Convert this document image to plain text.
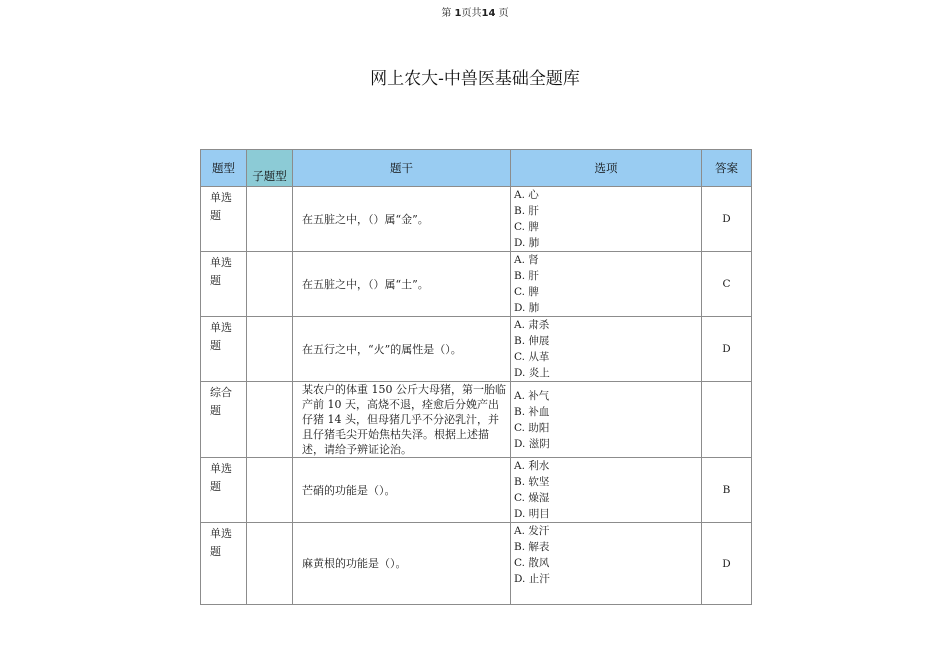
第 1页共14 页
网上农大-中兽医基础全题库
题型	子题型	题干	选项	答案
单选题		在五脏之中，（）属“金”。	A. 心
B. 肝
C. 脾
D. 肺	D
单选题		在五脏之中，（）属“土”。	A. 肾
B. 肝
C. 脾
D. 肺	C
单选题		在五行之中，“火”的属性是（）。	A. 肃杀
B. 伸展
C. 从革
D. 炎上	D
综合题		某农户的体重 150 公斤大母猪，第一胎临产前 10 天，高烧不退，痊愈后分娩产出仔猪 14 头，但母猪几乎不分泌乳汁，并且仔猪毛尖开始焦枯失泽。根据上述描述，请给予辨证论治。	A. 补气
B. 补血
C. 助阳
D. 滋阴	

单选题		芒硝的功能是（）。	A. 利水
B. 软坚
C. 燥湿
D. 明目	B
单选题		麻黄根的功能是（）。	A. 发汗
B. 解表
C. 散风
D. 止汗	D
